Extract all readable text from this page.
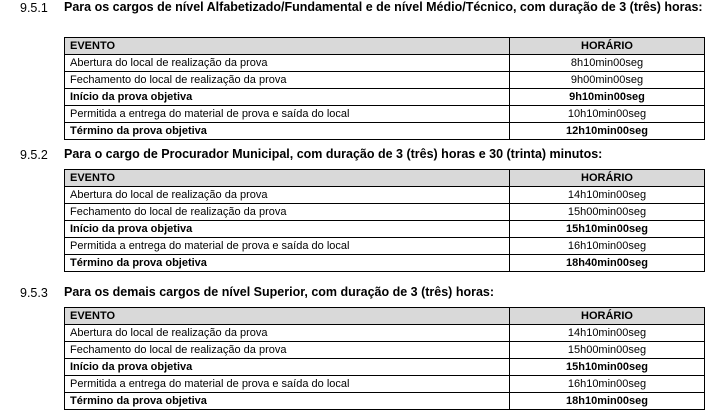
9.5.1 Para os cargos de nível Alfabetizado/Fundamental e de nível Médio/Técnico, com duração de 3 (três) horas:
EVENTO	HORÁRIO
Abertura do local de realização da prova	8h10min00seg
Fechamento do local de realização da prova	9h00min00seg
Início da prova objetiva	9h10min00seg
Permitida a entrega do material de prova e saída do local	10h10min00seg
Término da prova objetiva	12h10min00seg
9.5.2 Para o cargo de Procurador Municipal, com duração de 3 (três) horas e 30 (trinta) minutos:
EVENTO	HORÁRIO
Abertura do local de realização da prova	14h10min00seg
Fechamento do local de realização da prova	15h00min00seg
Início da prova objetiva	15h10min00seg
Permitida a entrega do material de prova e saída do local	16h10min00seg
Término da prova objetiva	18h40min00seg
9.5.3 Para os demais cargos de nível Superior, com duração de 3 (três) horas:
EVENTO	HORÁRIO
Abertura do local de realização da prova	14h10min00seg
Fechamento do local de realização da prova	15h00min00seg
Início da prova objetiva	15h10min00seg
Permitida a entrega do material de prova e saída do local	16h10min00seg
Término da prova objetiva	18h10min00seg
